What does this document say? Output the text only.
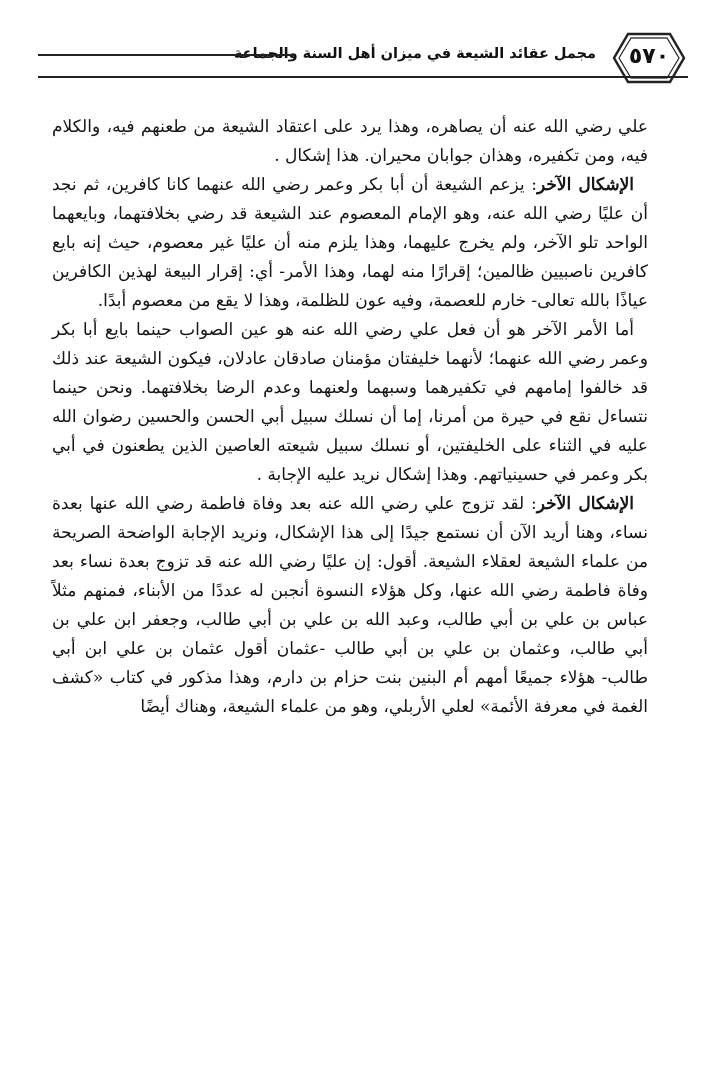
٥٧٠
مجمل عقائد الشيعة في ميزان أهل السنة والجماعة

علي رضي الله عنه أن يصاهره، وهذا يرد على اعتقاد الشيعة من طعنهم فيه، والكلام فيه، ومن تكفيره، وهذان جوابان محيران. هذا إشكال .

الإشكال الآخر: يزعم الشيعة أن أبا بكر وعمر رضي الله عنهما كانا كافرين، ثم نجد أن عليًا رضي الله عنه، وهو الإمام المعصوم عند الشيعة قد رضي بخلافتهما، وبايعهما الواحد تلو الآخر، ولم يخرج عليهما، وهذا يلزم منه أن عليًا غير معصوم، حيث إنه بايع كافرين ناصبيين ظالمين؛ إقرارًا منه لهما، وهذا الأمر- أي: إقرار البيعة لهذين الكافرين عياذًا بالله تعالى- خارم للعصمة، وفيه عون للظلمة، وهذا لا يقع من معصوم أبدًا.

أما الأمر الآخر هو أن فعل علي رضي الله عنه هو عين الصواب حينما بايع أبا بكر وعمر رضي الله عنهما؛ لأنهما خليفتان مؤمنان صادقان عادلان، فيكون الشيعة عند ذلك قد خالفوا إمامهم في تكفيرهما وسبهما ولعنهما وعدم الرضا بخلافتهما. ونحن حينما نتساءل نقع في حيرة من أمرنا، إما أن نسلك سبيل أبي الحسن والحسين رضوان الله عليه في الثناء على الخليفتين، أو نسلك سبيل شيعته العاصين الذين يطعنون في أبي بكر وعمر في حسينياتهم. وهذا إشكال نريد عليه الإجابة .

الإشكال الآخر: لقد تزوج علي رضي الله عنه بعد وفاة فاطمة رضي الله عنها بعدة نساء، وهنا أريد الآن أن نستمع جيدًا إلى هذا الإشكال، ونريد الإجابة الواضحة الصريحة من علماء الشيعة لعقلاء الشيعة. أقول: إن عليًا رضي الله عنه قد تزوج بعدة نساء بعد وفاة فاطمة رضي الله عنها، وكل هؤلاء النسوة أنجبن له عددًا من الأبناء، فمنهم مثلاً عباس بن علي بن أبي طالب، وعبد الله بن علي بن أبي طالب، وجعفر ابن علي بن أبي طالب، وعثمان بن علي بن أبي طالب -عثمان أقول عثمان بن علي ابن أبي طالب- هؤلاء جميعًا أمهم أم البنين بنت حزام بن دارم، وهذا مذكور في كتاب «كشف الغمة في معرفة الأئمة» لعلي الأربلي، وهو من علماء الشيعة، وهناك أيضًا
